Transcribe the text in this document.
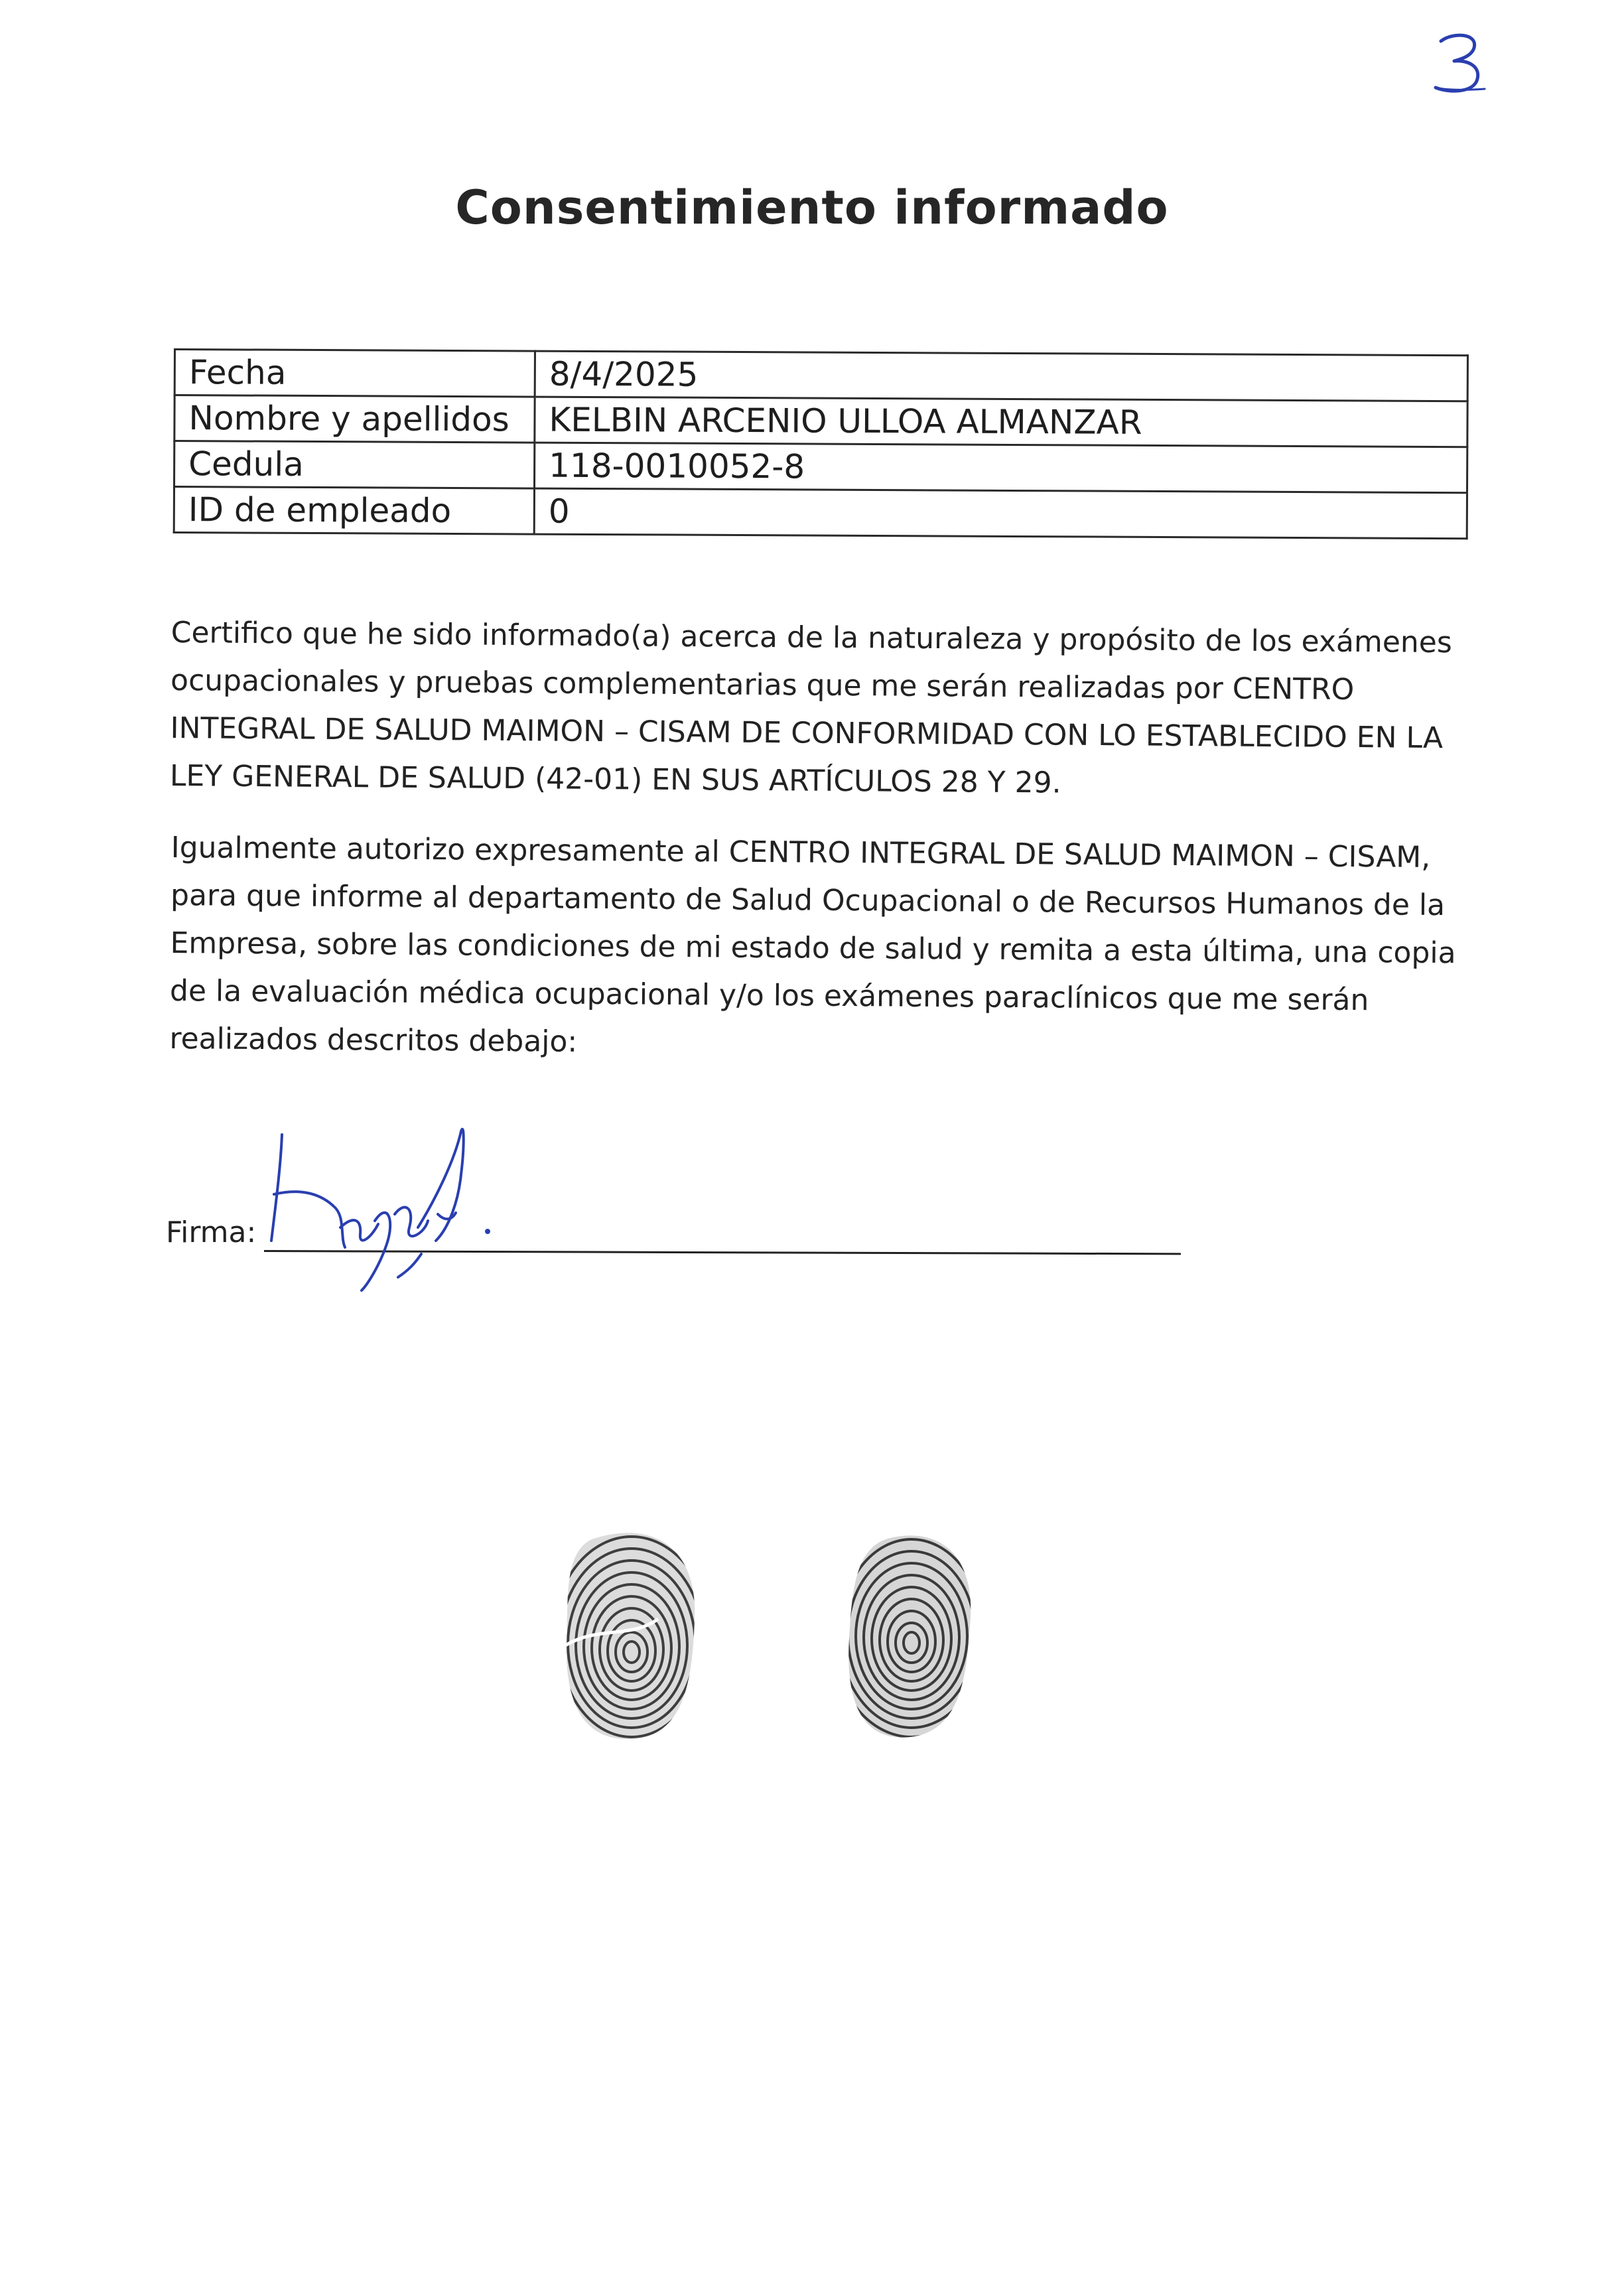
Consentimiento informado
Fecha	8/4/2025
Nombre y apellidos	KELBIN ARCENIO ULLOA ALMANZAR
Cedula	118-0010052-8
ID de empleado	0

Certifico que he sido informado(a) acerca de la naturaleza y propósito de los exámenes ocupacionales y pruebas complementarias que me serán realizadas por CENTRO INTEGRAL DE SALUD MAIMON – CISAM DE CONFORMIDAD CON LO ESTABLECIDO EN LA LEY GENERAL DE SALUD (42-01) EN SUS ARTÍCULOS 28 Y 29.

Igualmente autorizo expresamente al CENTRO INTEGRAL DE SALUD MAIMON – CISAM, para que informe al departamento de Salud Ocupacional o de Recursos Humanos de la Empresa, sobre las condiciones de mi estado de salud y remita a esta última, una copia de la evaluación médica ocupacional y/o los exámenes paraclínicos que me serán realizados descritos debajo:

Firma:
